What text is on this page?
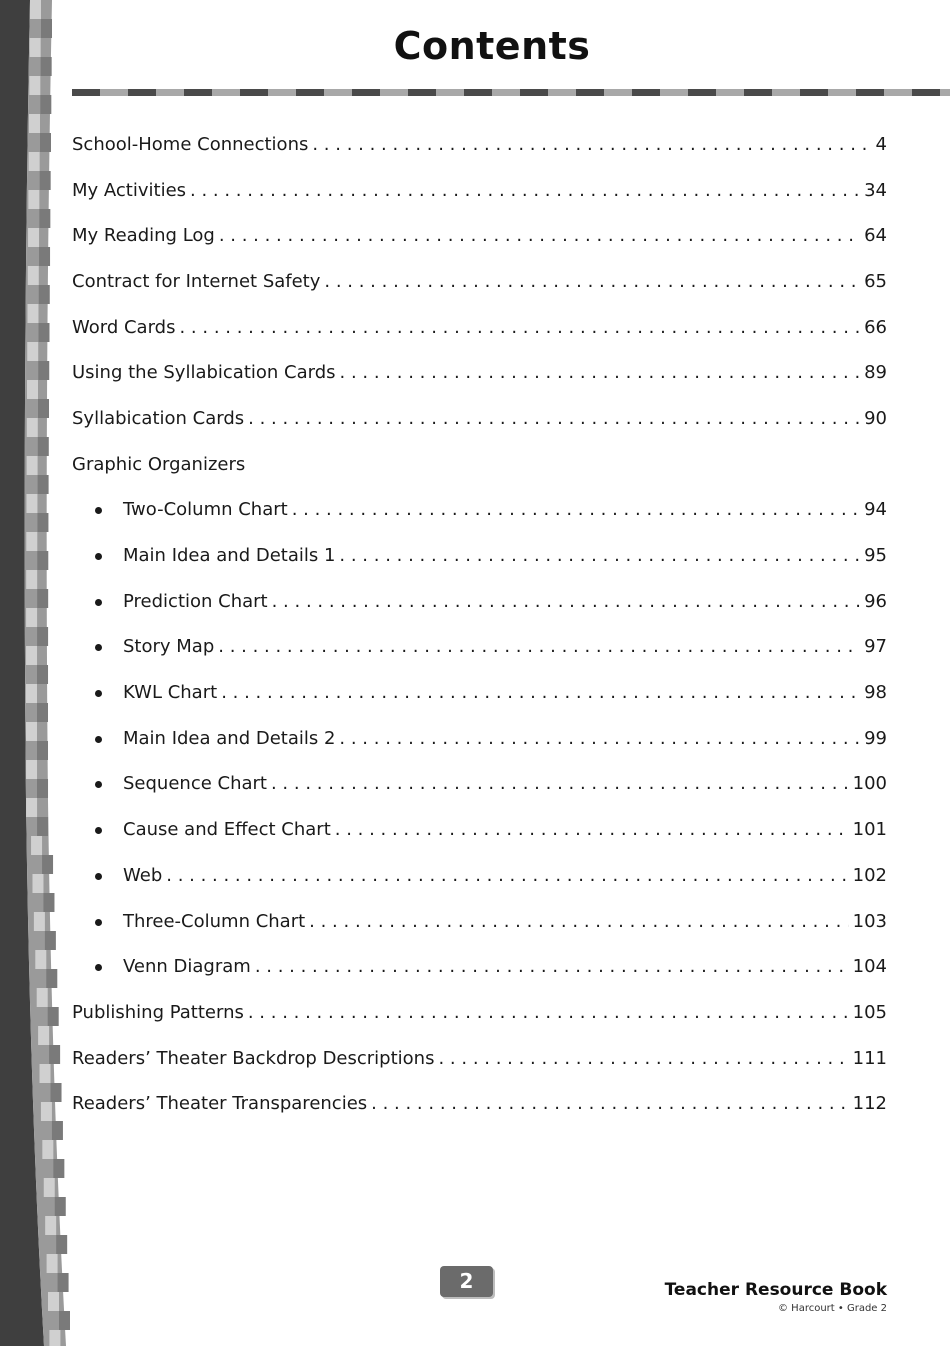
Contents
School-Home Connections . . .	4
My Activities . . .	34
My Reading Log . . .	64
Contract for Internet Safety . . .	65
Word Cards . . .	66
Using the Syllabication Cards . . .	89
Syllabication Cards . . .	90
Graphic Organizers
Two-Column Chart . . .	94
Main Idea and Details 1 . . .	95
Prediction Chart . . .	96
Story Map . . .	97
KWL Chart . . .	98
Main Idea and Details 2 . . .	99
Sequence Chart . . .	100
Cause and Effect Chart . . .	101
Web . . .	102
Three-Column Chart . . .	103
Venn Diagram . . .	104
Publishing Patterns . . .	105
Readers’ Theater Backdrop Descriptions . . .	111
Readers’ Theater Transparencies . . .	112
2	Teacher Resource Book
© Harcourt • Grade 2
